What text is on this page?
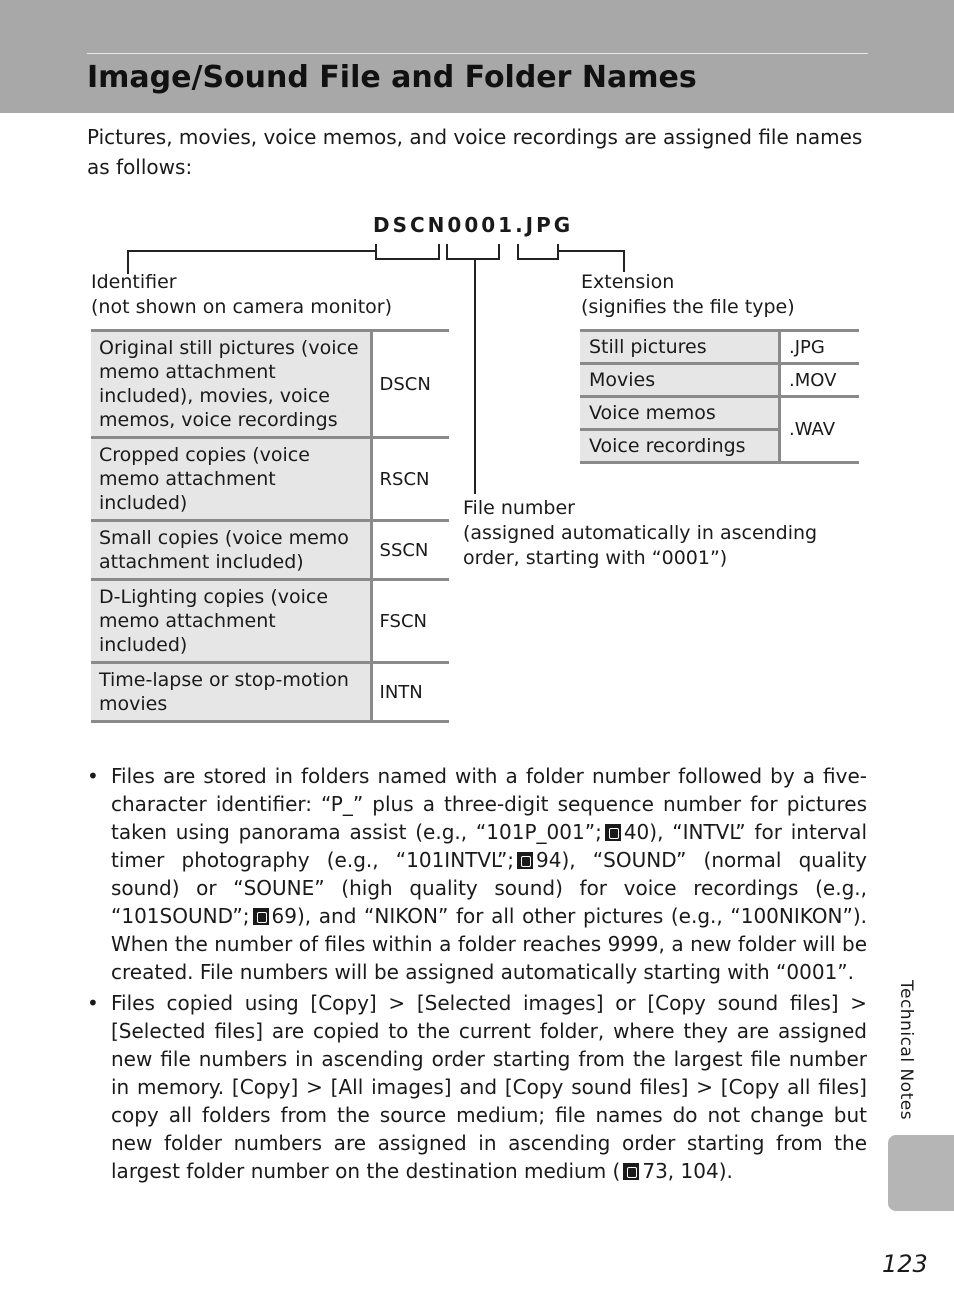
Image/Sound File and Folder Names

Pictures, movies, voice memos, and voice recordings are assigned file names as follows:

DSCN0001.JPG

Identifier
(not shown on camera monitor)
Extension
(signifies the file type)
File number
(assigned automatically in ascending
order, starting with “0001”)
Original still pictures (voice memo attachment included), movies, voice memos, voice recordings	DSCN
Cropped copies (voice memo attachment included)	RSCN
Small copies (voice memo attachment included)	SSCN
D-Lighting copies (voice memo attachment included)	FSCN
Time-lapse or stop-motion movies	INTN
Still pictures	.JPG
Movies	.MOV
Voice memos	.WAV
Voice recordings	
• Files are stored in folders named with a folder number followed by a five-character identifier: “P_” plus a three-digit sequence number for pictures taken using panorama assist (e.g., “101P_001”; 40), “INTVL” for interval timer photography (e.g., “101INTVL”; 94), “SOUND” (normal quality sound) or “SOUNE” (high quality sound) for voice recordings (e.g., “101SOUND”; 69), and “NIKON” for all other pictures (e.g., “100NIKON”). When the number of files within a folder reaches 9999, a new folder will be created. File numbers will be assigned automatically starting with “0001”.
• Files copied using [Copy] > [Selected images] or [Copy sound files] > [Selected files] are copied to the current folder, where they are assigned new file numbers in ascending order starting from the largest file number in memory. [Copy] > [All images] and [Copy sound files] > [Copy all files] copy all folders from the source medium; file names do not change but new folder numbers are assigned in ascending order starting from the largest folder number on the destination medium ( 73, 104).

Technical Notes

123
